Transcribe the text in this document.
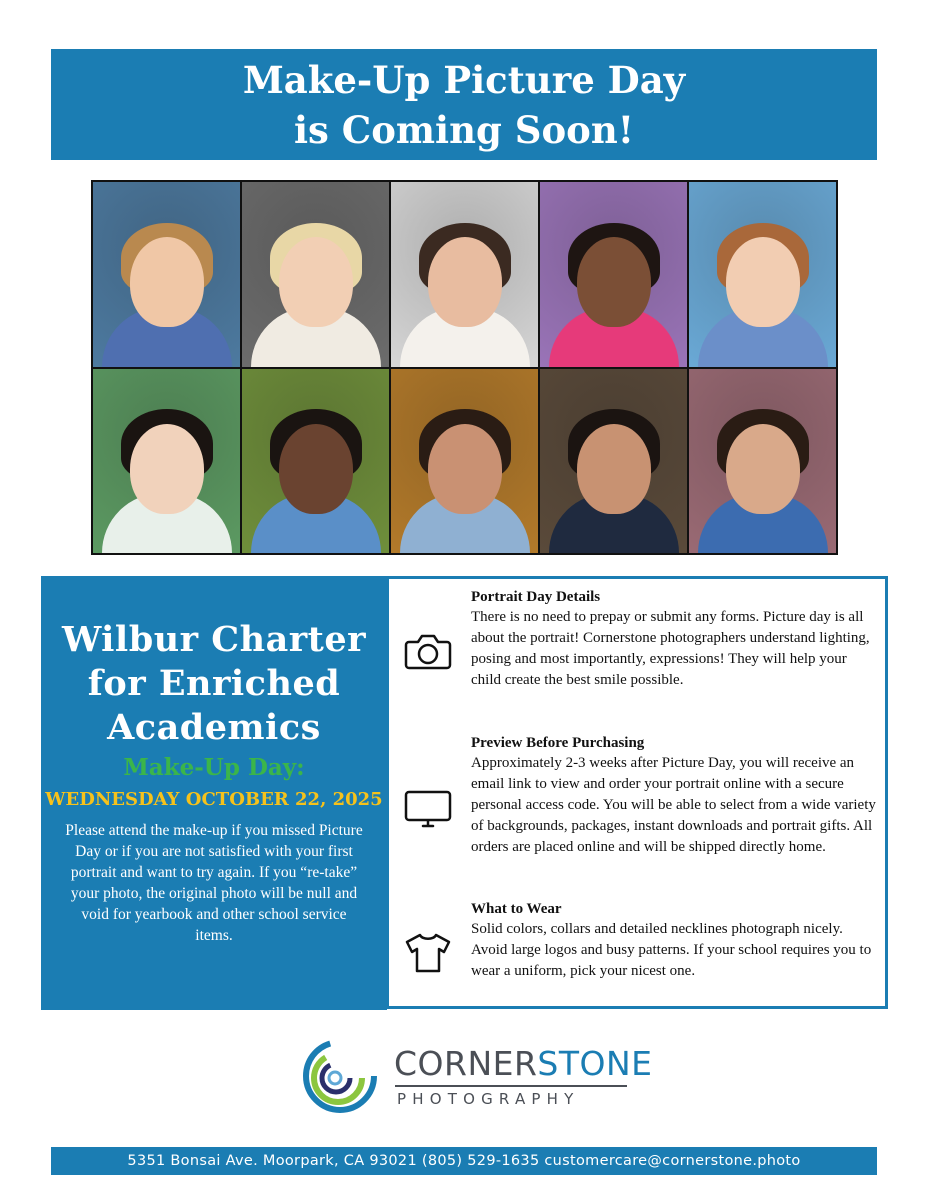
Make-Up Picture Day
is Coming Soon!
Wilbur Charter
for Enriched
Academics
Make-Up Day:
WEDNESDAY OCTOBER 22, 2025
Please attend the make-up if you missed Picture Day or if you are not satisfied with your first portrait and want to try again. If you “re-take” your photo, the original photo will be null and void for yearbook and other school service items.
Portrait Day Details

There is no need to prepay or submit any forms. Picture day is all about the portrait! Cornerstone photographers understand lighting, posing and most importantly, expressions! They will help your child create the best smile possible.

Preview Before Purchasing

Approximately 2-3 weeks after Picture Day, you will receive an email link to view and order your portrait online with a secure personal access code. You will be able to select from a wide variety of backgrounds, packages, instant downloads and portrait gifts. All orders are placed online and will be shipped directly home.

What to Wear

Solid colors, collars and detailed necklines photograph nicely. Avoid large logos and busy patterns. If your school requires you to wear a uniform, pick your nicest one.

CORNERSTONE
PHOTOGRAPHY
5351 Bonsai Ave. Moorpark, CA 93021 (805) 529-1635 customercare@cornerstone.photo
